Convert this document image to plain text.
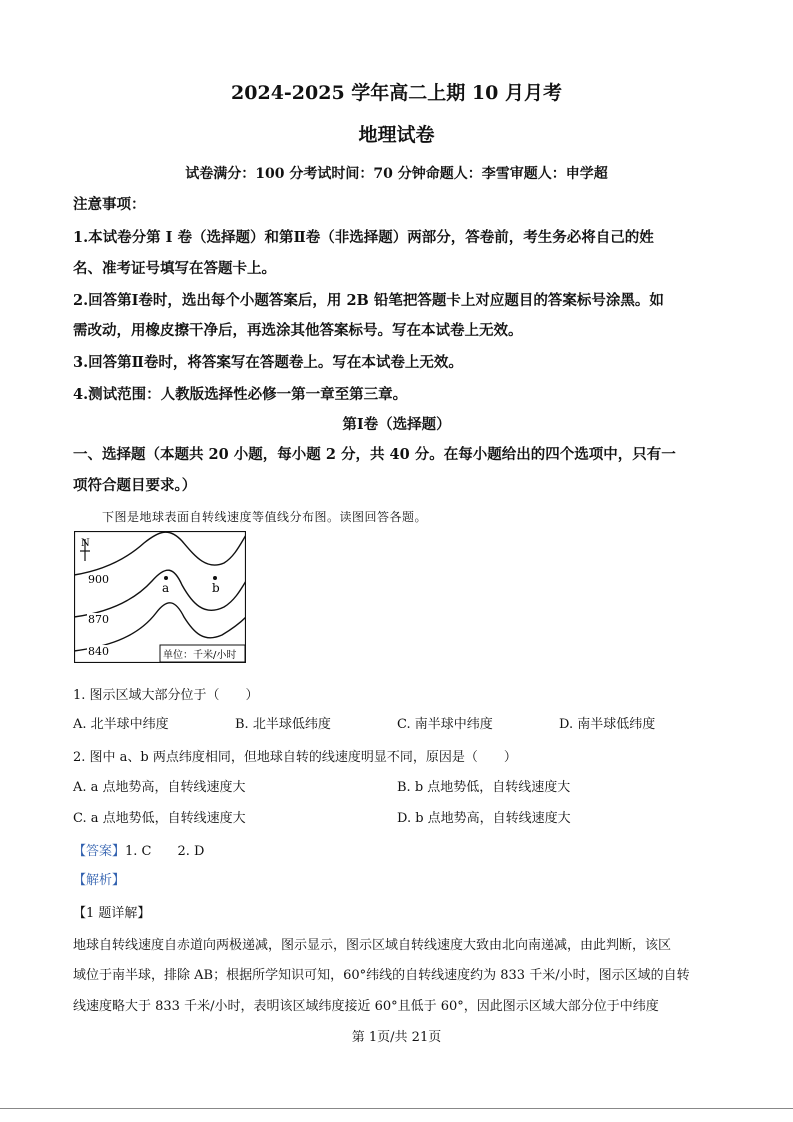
2024-2025 学年高二上期 10 月月考
地理试卷
试卷满分：100 分考试时间：70 分钟命题人：李雪审题人：申学超
注意事项：
1.本试卷分第 I 卷（选择题）和第Ⅱ卷（非选择题）两部分，答卷前，考生务必将自己的姓
名、准考证号填写在答题卡上。
2.回答第Ⅰ卷时，选出每个小题答案后，用 2B 铅笔把答题卡上对应题目的答案标号涂黑。如
需改动，用橡皮擦干净后，再选涂其他答案标号。写在本试卷上无效。
3.回答第Ⅱ卷时，将答案写在答题卷上。写在本试卷上无效。
4.测试范围：人教版选择性必修一第一章至第三章。
第Ⅰ卷（选择题）
一、选择题（本题共 20 小题，每小题 2 分，共 40 分。在每小题给出的四个选项中，只有一
项符合题目要求。）
下图是地球表面自转线速度等值线分布图。读图回答各题。
N
900
870
840
a	b
单位：千米/小时
1. 图示区域大部分位于（　　）
A. 北半球中纬度	B. 北半球低纬度	C. 南半球中纬度	D. 南半球低纬度
2. 图中 a、b 两点纬度相同，但地球自转的线速度明显不同，原因是（　　）
A. a 点地势高，自转线速度大	B. b 点地势低，自转线速度大
C. a 点地势低，自转线速度大	D. b 点地势高，自转线速度大
【答案】1. C　　2. D
【解析】
【1 题详解】
地球自转线速度自赤道向两极递减，图示显示，图示区域自转线速度大致由北向南递减，由此判断，该区
域位于南半球，排除 AB；根据所学知识可知，60°纬线的自转线速度约为 833 千米/小时，图示区域的自转
线速度略大于 833 千米/小时，表明该区域纬度接近 60°且低于 60°，因此图示区域大部分位于中纬度
第 1页/共 21页
